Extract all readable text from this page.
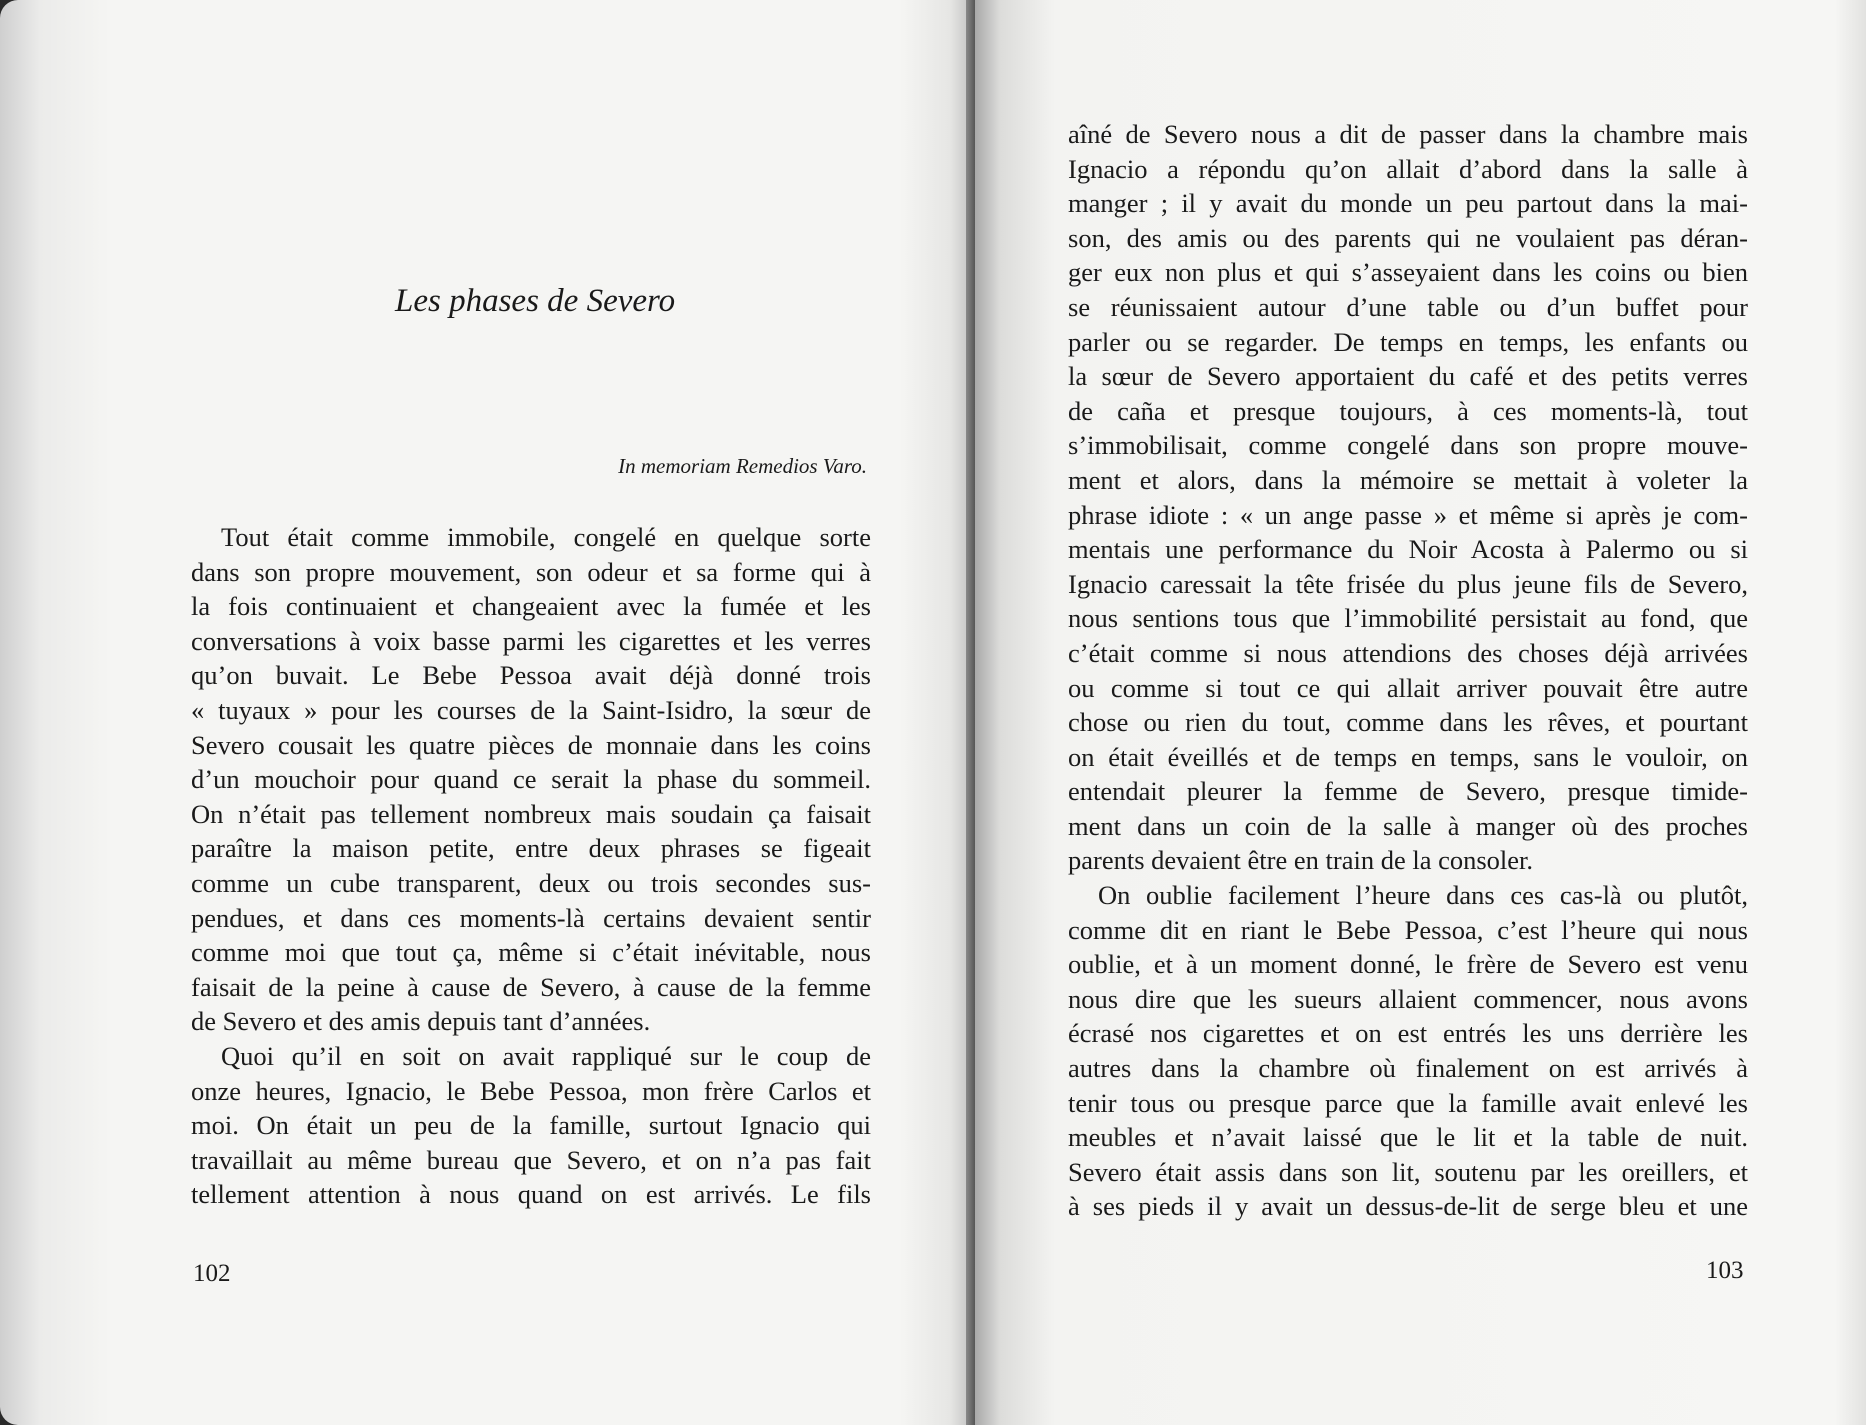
Les phases de Severo
In memoriam Remedios Varo.
Tout était comme immobile, congelé en quelque sorte
dans son propre mouvement, son odeur et sa forme qui à
la fois continuaient et changeaient avec la fumée et les
conversations à voix basse parmi les cigarettes et les verres
qu’on buvait. Le Bebe Pessoa avait déjà donné trois
« tuyaux » pour les courses de la Saint-Isidro, la sœur de
Severo cousait les quatre pièces de monnaie dans les coins
d’un mouchoir pour quand ce serait la phase du sommeil.
On n’était pas tellement nombreux mais soudain ça faisait
paraître la maison petite, entre deux phrases se figeait
comme un cube transparent, deux ou trois secondes sus-
pendues, et dans ces moments-là certains devaient sentir
comme moi que tout ça, même si c’était inévitable, nous
faisait de la peine à cause de Severo, à cause de la femme
de Severo et des amis depuis tant d’années.
Quoi qu’il en soit on avait rappliqué sur le coup de
onze heures, Ignacio, le Bebe Pessoa, mon frère Carlos et
moi. On était un peu de la famille, surtout Ignacio qui
travaillait au même bureau que Severo, et on n’a pas fait
tellement attention à nous quand on est arrivés. Le fils
102
aîné de Severo nous a dit de passer dans la chambre mais
Ignacio a répondu qu’on allait d’abord dans la salle à
manger ; il y avait du monde un peu partout dans la mai-
son, des amis ou des parents qui ne voulaient pas déran-
ger eux non plus et qui s’asseyaient dans les coins ou bien
se réunissaient autour d’une table ou d’un buffet pour
parler ou se regarder. De temps en temps, les enfants ou
la sœur de Severo apportaient du café et des petits verres
de caña et presque toujours, à ces moments-là, tout
s’immobilisait, comme congelé dans son propre mouve-
ment et alors, dans la mémoire se mettait à voleter la
phrase idiote : « un ange passe » et même si après je com-
mentais une performance du Noir Acosta à Palermo ou si
Ignacio caressait la tête frisée du plus jeune fils de Severo,
nous sentions tous que l’immobilité persistait au fond, que
c’était comme si nous attendions des choses déjà arrivées
ou comme si tout ce qui allait arriver pouvait être autre
chose ou rien du tout, comme dans les rêves, et pourtant
on était éveillés et de temps en temps, sans le vouloir, on
entendait pleurer la femme de Severo, presque timide-
ment dans un coin de la salle à manger où des proches
parents devaient être en train de la consoler.
On oublie facilement l’heure dans ces cas-là ou plutôt,
comme dit en riant le Bebe Pessoa, c’est l’heure qui nous
oublie, et à un moment donné, le frère de Severo est venu
nous dire que les sueurs allaient commencer, nous avons
écrasé nos cigarettes et on est entrés les uns derrière les
autres dans la chambre où finalement on est arrivés à
tenir tous ou presque parce que la famille avait enlevé les
meubles et n’avait laissé que le lit et la table de nuit.
Severo était assis dans son lit, soutenu par les oreillers, et
à ses pieds il y avait un dessus-de-lit de serge bleu et une
103
